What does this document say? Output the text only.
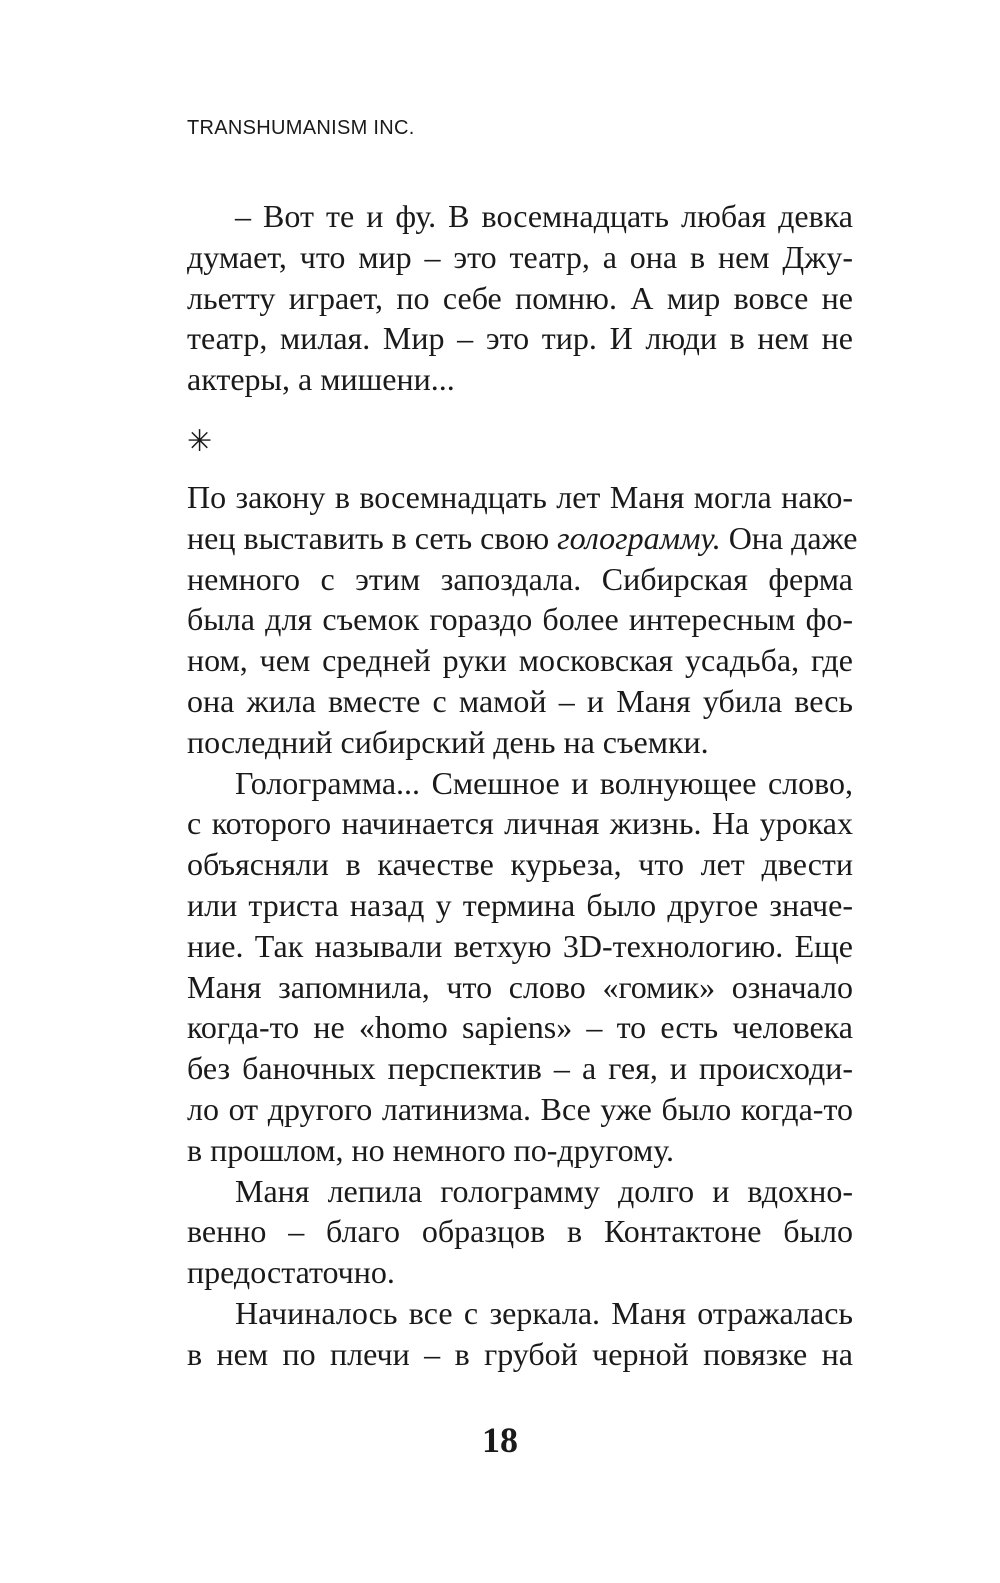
TRANSHUMANISM INC.
– Вот те и фу. В восемнадцать любая девка
думает, что мир – это театр, а она в нем Джу-
льетту играет, по себе помню. А мир вовсе не
театр, милая. Мир – это тир. И люди в нем не
актеры, а мишени...
✳
По закону в восемнадцать лет Маня могла нако-
нец выставить в сеть свою голограмму. Она даже
немного с этим запоздала. Сибирская ферма
была для съемок гораздо более интересным фо-
ном, чем средней руки московская усадьба, где
она жила вместе с мамой – и Маня убила весь
последний сибирский день на съемки.
Голограмма... Смешное и волнующее слово,
с которого начинается личная жизнь. На уроках
объясняли в качестве курьеза, что лет двести
или триста назад у термина было другое значе-
ние. Так называли ветхую 3D-технологию. Еще
Маня запомнила, что слово «гомик» означало
когда-то не «homo sapiens» – то есть человека
без баночных перспектив – а гея, и происходи-
ло от другого латинизма. Все уже было когда-то
в прошлом, но немного по-другому.
Маня лепила голограмму долго и вдохно-
венно – благо образцов в Контактоне было
предостаточно.
Начиналось все с зеркала. Маня отражалась
в нем по плечи – в грубой черной повязке на
18
